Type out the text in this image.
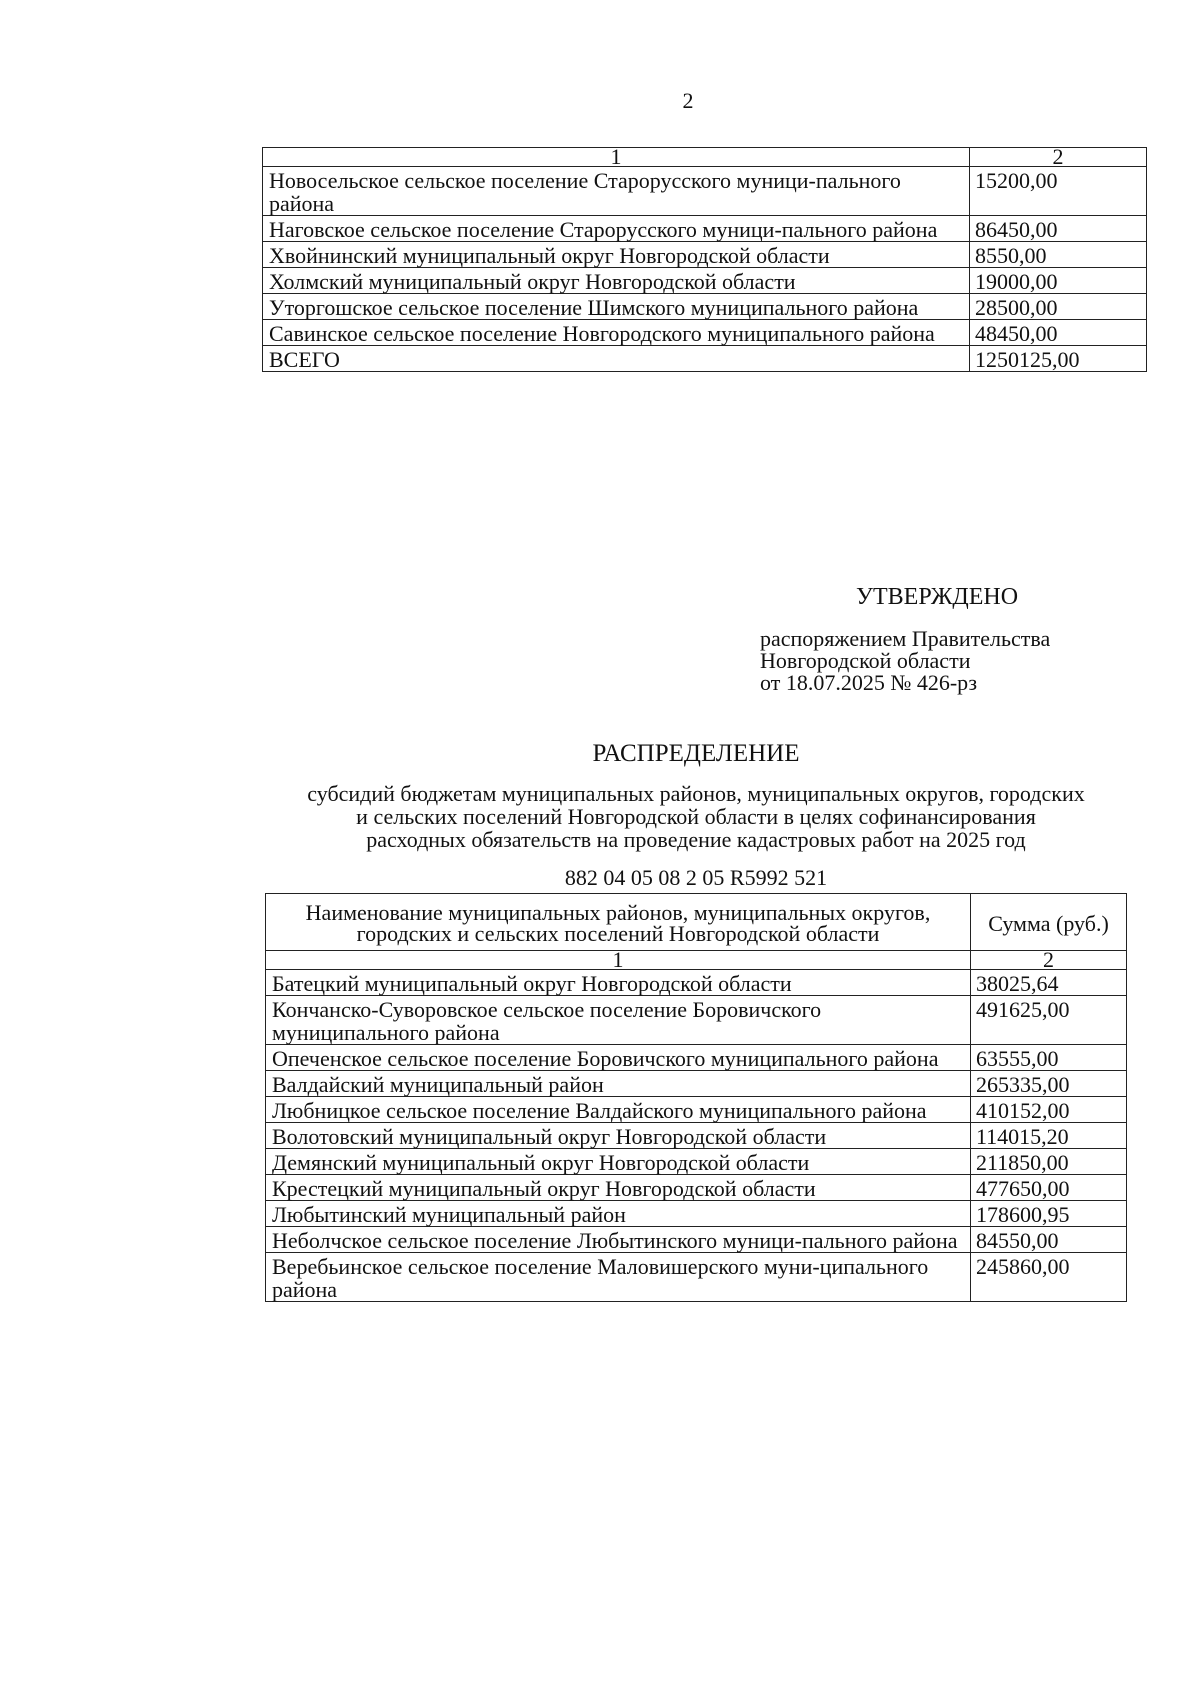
2
1	2
Новосельское сельское поселение Старорусского муници-пального района	15200,00
Наговское сельское поселение Старорусского муници-пального района	86450,00
Хвойнинский муниципальный округ Новгородской области	8550,00
Холмский муниципальный округ Новгородской области	19000,00
Уторгошское сельское поселение Шимского муниципального района	28500,00
Савинское сельское поселение Новгородского муниципального района	48450,00
ВСЕГО	1250125,00
УТВЕРЖДЕНО
распоряжением Правительства
Новгородской области
от 18.07.2025 № 426-рз
РАСПРЕДЕЛЕНИЕ
субсидий бюджетам муниципальных районов, муниципальных округов, городских
и сельских поселений Новгородской области в целях софинансирования
расходных обязательств на проведение кадастровых работ на 2025 год
882 04 05 08 2 05 R5992 521
Наименование муниципальных районов, муниципальных округов, городских и сельских поселений Новгородской области	Сумма (руб.)
1	2
Батецкий муниципальный округ Новгородской области	38025,64
Кончанско-Суворовское сельское поселение Боровичского муниципального района	491625,00
Опеченское сельское поселение Боровичского муниципального района	63555,00
Валдайский муниципальный район	265335,00
Любницкое сельское поселение Валдайского муниципального района	410152,00
Волотовский муниципальный округ Новгородской области	114015,20
Демянский муниципальный округ Новгородской области	211850,00
Крестецкий муниципальный округ Новгородской области	477650,00
Любытинский муниципальный район	178600,95
Неболчское сельское поселение Любытинского муници-пального района	84550,00
Веребьинское сельское поселение Маловишерского муни-ципального района	245860,00
